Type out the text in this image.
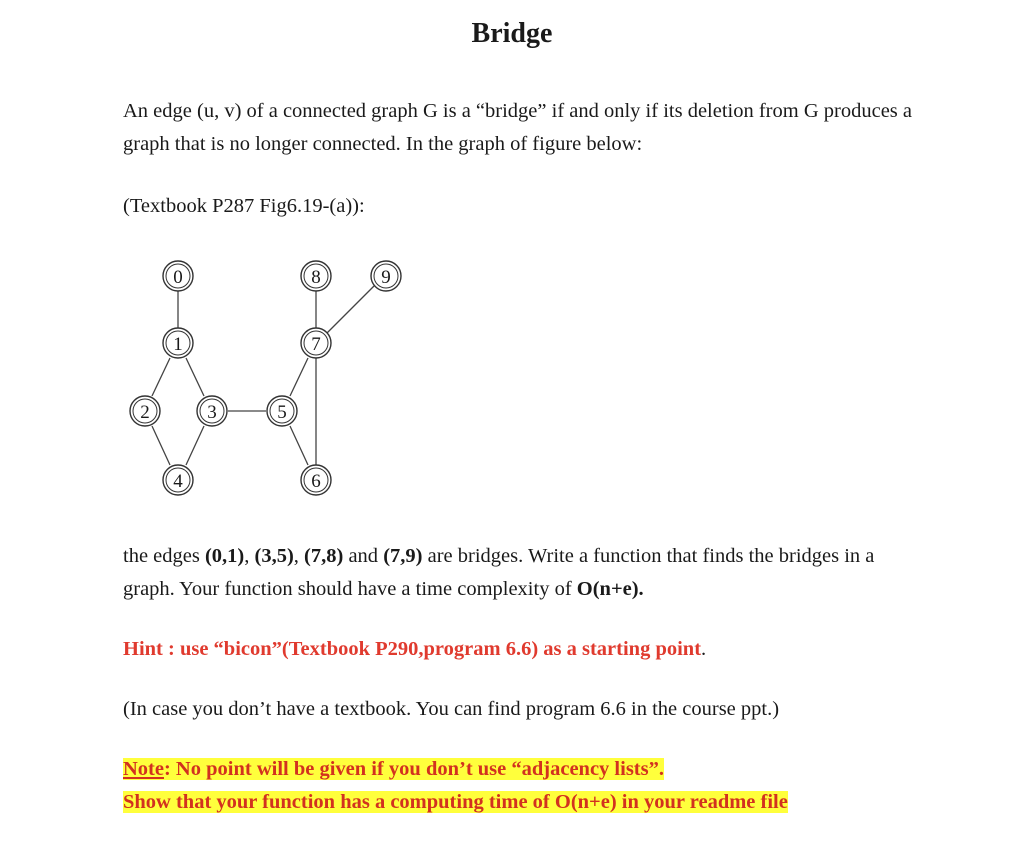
Bridge

An edge (u, v) of a connected graph G is a “bridge” if and only if its deletion from G produces a graph that is no longer connected. In the graph of figure below:

(Textbook P287 Fig6.19-(a)):

0
1
2	3
4
5
6
7
8	9

the edges (0,1), (3,5), (7,8) and (7,9) are bridges. Write a function that finds the bridges in a graph. Your function should have a time complexity of O(n+e).

Hint : use “bicon”(Textbook P290,program 6.6) as a starting point.

(In case you don’t have a textbook. You can find program 6.6 in the course ppt.)

Note: No point will be given if you don’t use “adjacency lists”.
Show that your function has a computing time of O(n+e) in your readme file
